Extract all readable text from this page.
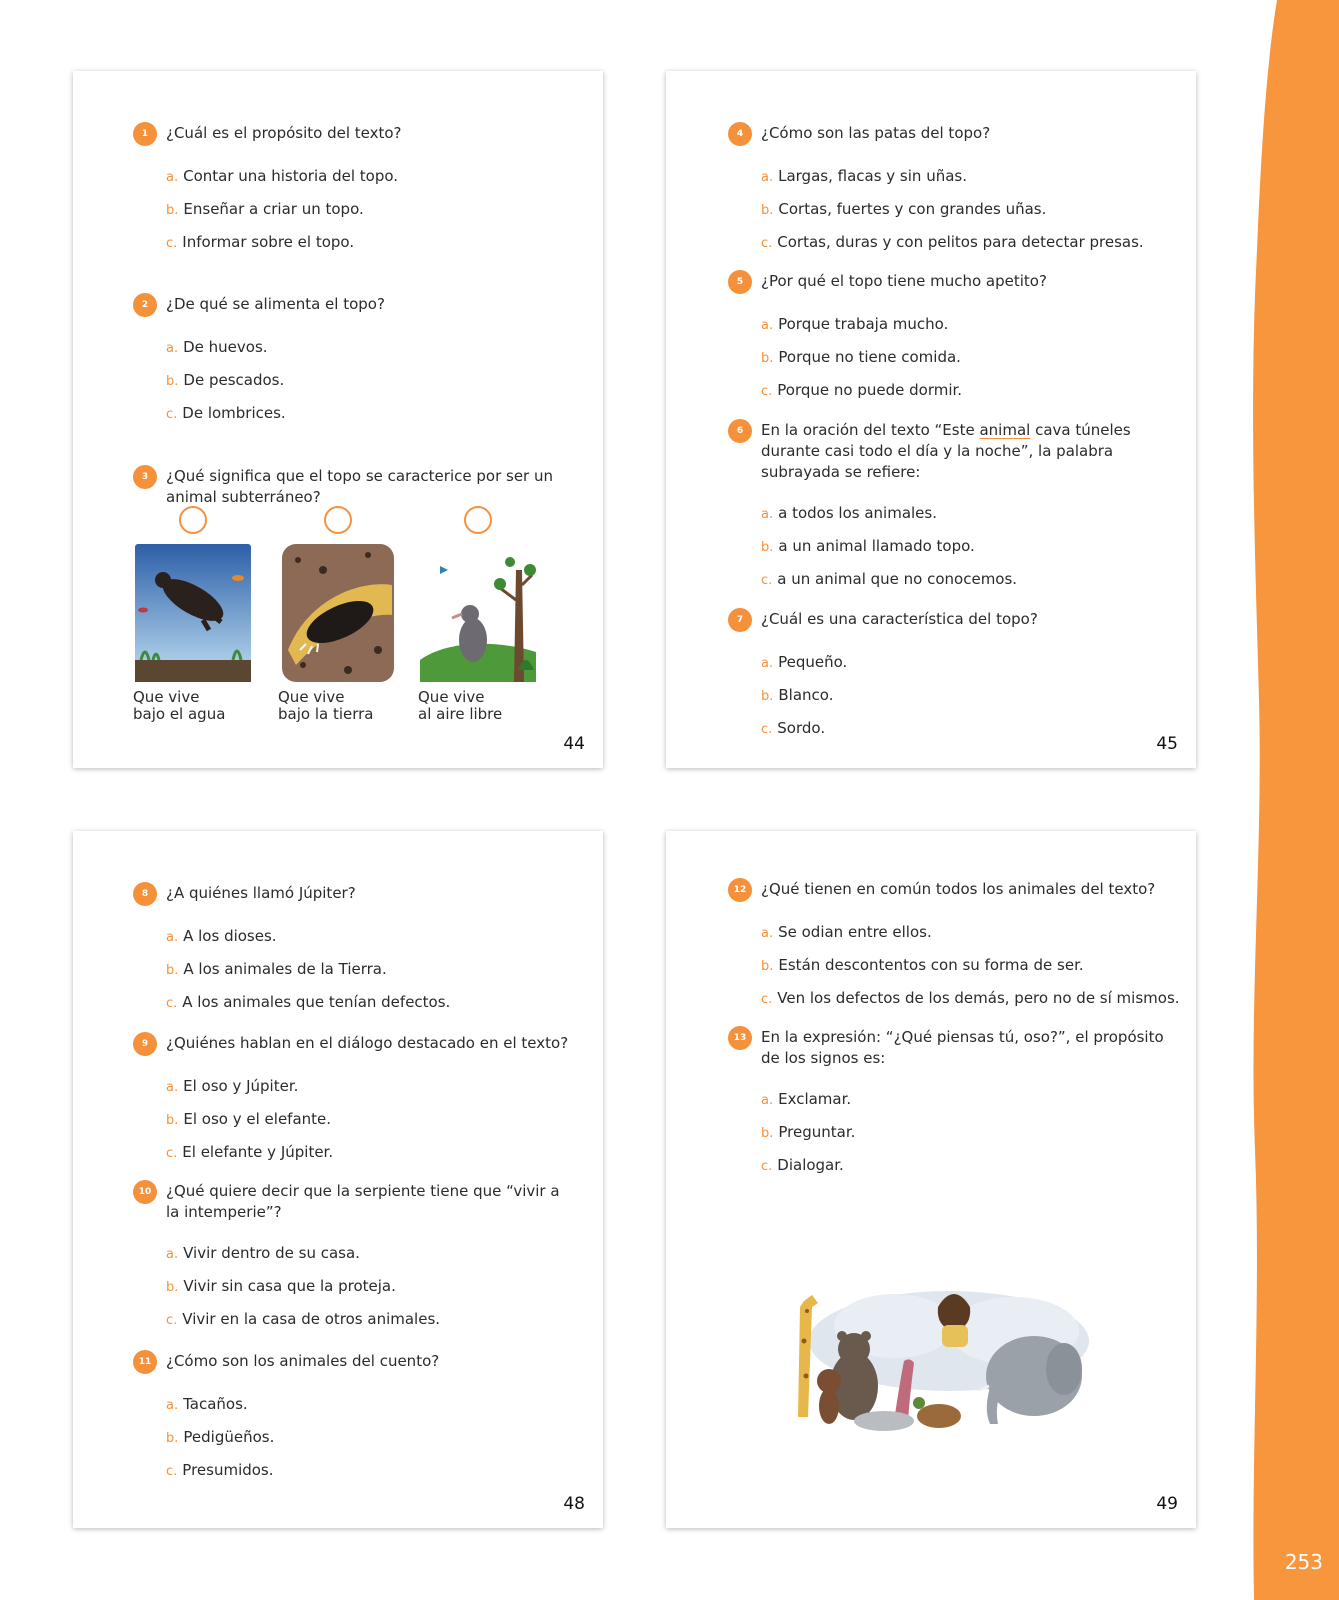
253
1	¿Cuál es el propósito del texto?
a. Contar una historia del topo.
b. Enseñar a criar un topo.
c. Informar sobre el topo.
2	¿De qué se alimenta el topo?
a. De huevos.
b. De pescados.
c. De lombrices.
3	¿Qué significa que el topo se caracterice por ser un animal subterráneo?
Que vive
bajo el agua
Que vive
bajo la tierra
Que vive
al aire libre
44
4	¿Cómo son las patas del topo?
a. Largas, flacas y sin uñas.
b. Cortas, fuertes y con grandes uñas.
c. Cortas, duras y con pelitos para detectar presas.
5	¿Por qué el topo tiene mucho apetito?
a. Porque trabaja mucho.
b. Porque no tiene comida.
c. Porque no puede dormir.
6	En la oración del texto “Este animal cava túneles durante casi todo el día y la noche”, la palabra subrayada se refiere:
a. a todos los animales.
b. a un animal llamado topo.
c. a un animal que no conocemos.
7	¿Cuál es una característica del topo?
a. Pequeño.
b. Blanco.
c. Sordo.
45
8	¿A quiénes llamó Júpiter?
a. A los dioses.
b. A los animales de la Tierra.
c. A los animales que tenían defectos.
9	¿Quiénes hablan en el diálogo destacado en el texto?
a. El oso y Júpiter.
b. El oso y el elefante.
c. El elefante y Júpiter.
10 ¿Qué quiere decir que la serpiente tiene que “vivir a la intemperie”?
a. Vivir dentro de su casa.
b. Vivir sin casa que la proteja.
c. Vivir en la casa de otros animales.
11 ¿Cómo son los animales del cuento?
a. Tacaños.
b. Pedigüeños.
c. Presumidos.
48
12 ¿Qué tienen en común todos los animales del texto?
a. Se odian entre ellos.
b. Están descontentos con su forma de ser.
c. Ven los defectos de los demás, pero no de sí mismos.
13 En la expresión: “¿Qué piensas tú, oso?”, el propósito de los signos es:
a. Exclamar.
b. Preguntar.
c. Dialogar.
49
